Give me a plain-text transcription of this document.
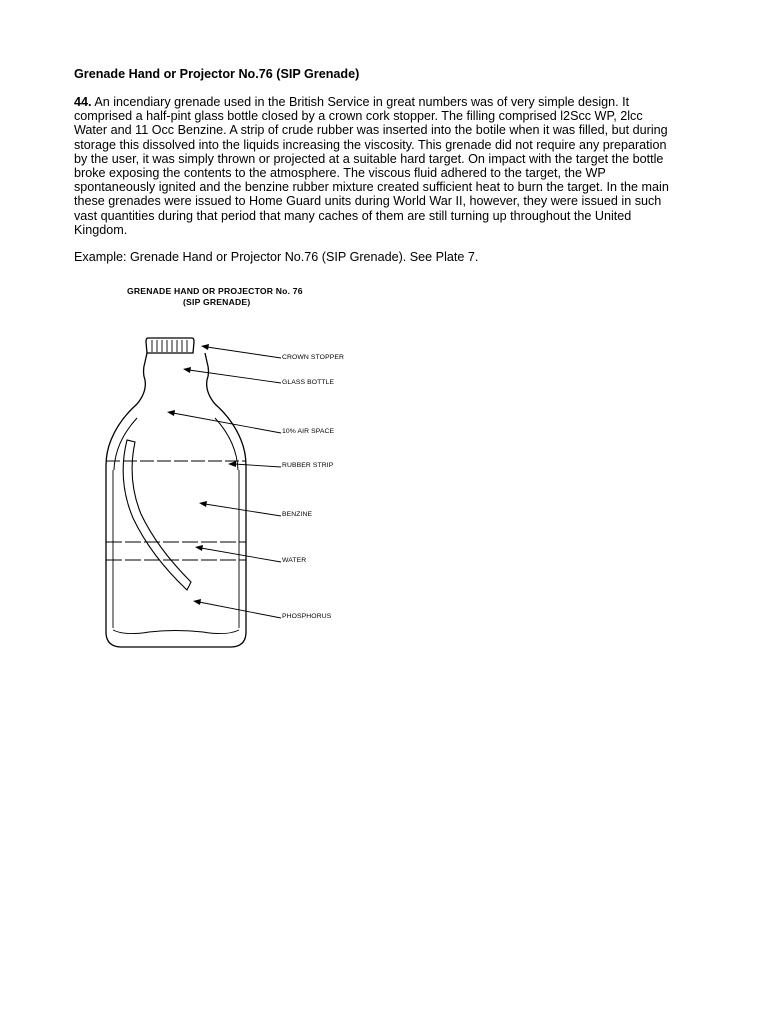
Grenade Hand or Projector No.76 (SIP Grenade)
44. An incendiary grenade used in the British Service in great numbers was of very simple design. It
comprised a half-pint glass bottle closed by a crown cork stopper. The filling comprised l2Scc WP, 2lcc
Water and 11 Occ Benzine. A strip of crude rubber was inserted into the botile when it was filled, but during
storage this dissolved into the liquids increasing the viscosity. This grenade did not require any preparation
by the user, it was simply thrown or projected at a suitable hard target. On impact with the target the bottle
broke exposing the contents to the atmosphere. The viscous fluid adhered to the target, the WP
spontaneously ignited and the benzine rubber mixture created sufficient heat to burn the target. In the main
these grenades were issued to Home Guard units during World War II, however, they were issued in such
vast quantities during that period that many caches of them are still turning up throughout the United
Kingdom.
Example: Grenade Hand or Projector No.76 (SIP Grenade). See Plate 7.
GRENADE HAND OR PROJECTOR No. 76
(SIP GRENADE)
CROWN STOPPER
GLASS BOTTLE
10% AIR SPACE
RUBBER STRIP
BENZINE
WATER
PHOSPHORUS
